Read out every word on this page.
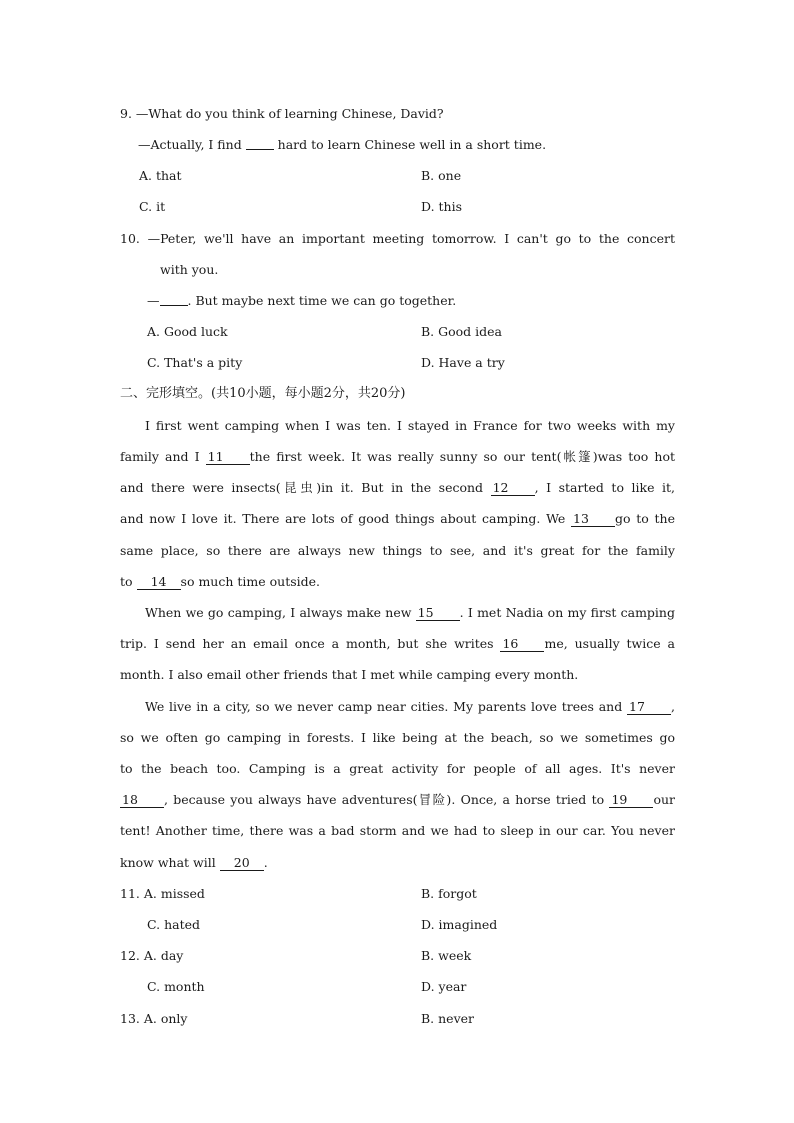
9. —What do you think of learning Chinese, David?
—Actually, I find  hard to learn Chinese well in a short time.
A. that	B. one
C. it	D. this
10. —Peter, we'll have an important meeting tomorrow. I can't go to the concert
with you.
— . But maybe next time we can go together.
A. Good luck	B. Good idea
C. That's a pity	D. Have a try
二、完形填空。(共10小题，每小题2分，共20分)
I first went camping when I was ten. I stayed in France for two weeks with my
family and I 11 the first week. It was really sunny so our tent(帐篷)was too hot
and there were insects(昆虫)in it. But in the second 12 , I started to like it,
and now I love it. There are lots of good things about camping. We 13 go to the
same place, so there are always new things to see, and it's great for the family
to 14 so much time outside.
When we go camping, I always make new 15 . I met Nadia on my first camping
trip. I send her an email once a month, but she writes 16 me, usually twice a
month. I also email other friends that I met while camping every month.
We live in a city, so we never camp near cities. My parents love trees and 17 ,
so we often go camping in forests. I like being at the beach, so we sometimes go
to the beach too. Camping is a great activity for people of all ages. It's never
18 , because you always have adventures(冒险). Once, a horse tried to 19 our
tent! Another time, there was a bad storm and we had to sleep in our car. You never
know what will 20 .
11. A. missed	B. forgot
C. hated	D. imagined
12. A. day	B. week
C. month	D. year
13. A. only	B. never
